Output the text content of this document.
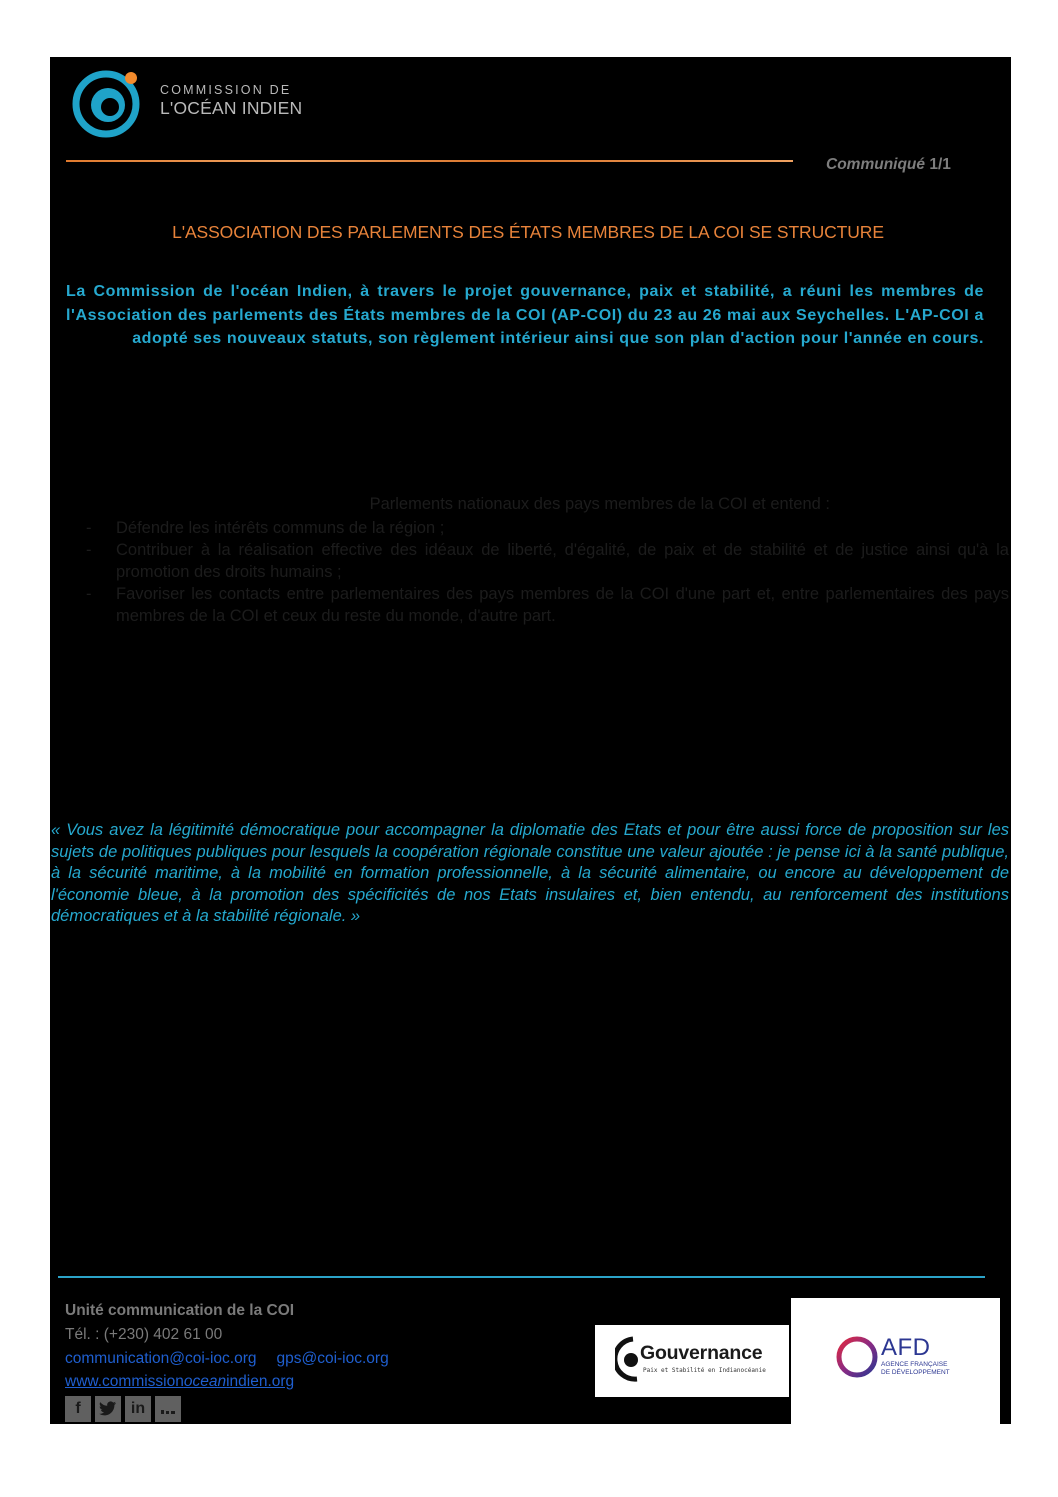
COMMISSION DE
L'OCÉAN INDIEN
Communiqué 1/1
L'ASSOCIATION DES PARLEMENTS DES ÉTATS MEMBRES DE LA COI SE STRUCTURE
La Commission de l'océan Indien, à travers le projet gouvernance, paix et stabilité, a réuni les membres de l'Association des parlements des États membres de la COI (AP-COI) du 23 au 26 mai aux Seychelles. L'AP-COI a adopté ses nouveaux statuts, son règlement intérieur ainsi que son plan d'action pour l'année en cours.
Parlements nationaux des pays membres de la COI et entend :
- Défendre les intérêts communs de la région ;
- Contribuer à la réalisation effective des idéaux de liberté, d'égalité, de paix et de stabilité et de justice ainsi qu'à la promotion des droits humains ;
- Favoriser les contacts entre parlementaires des pays membres de la COI d'une part et, entre parlementaires des pays membres de la COI et ceux du reste du monde, d'autre part.
« Vous avez la légitimité démocratique pour accompagner la diplomatie des Etats et pour être aussi force de proposition sur les sujets de politiques publiques pour lesquels la coopération régionale constitue une valeur ajoutée : je pense ici à la santé publique, à la sécurité maritime, à la mobilité en formation professionnelle, à la sécurité alimentaire, ou encore au développement de l'économie bleue, à la promotion des spécificités de nos Etats insulaires et, bien entendu, au renforcement des institutions démocratiques et à la stabilité régionale. »
Unité communication de la COI
Tél. : (+230) 402 61 00
communication@coi-ioc.org gps@coi-ioc.org
www.commissionoceanindien.org
f	in
Gouvernance
Paix et Stabilité en Indianocéanie
AFD
AGENCE FRANÇAISE
DE DÉVELOPPEMENT
